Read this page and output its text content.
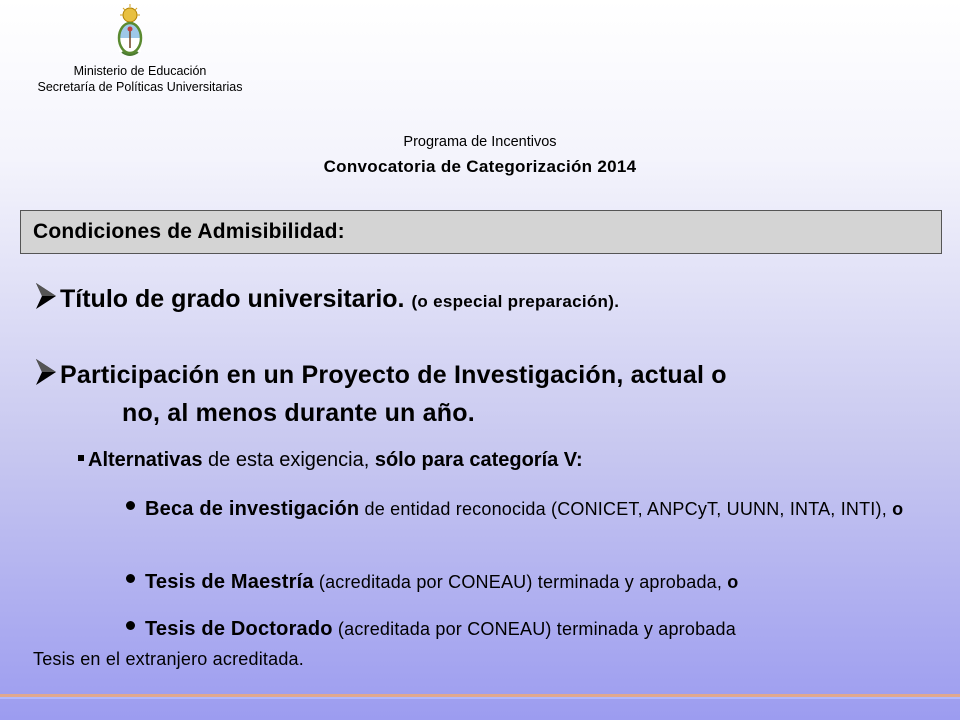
Ministerio de Educación
Secretaría de Políticas Universitarias
Programa de Incentivos
Convocatoria de Categorización 2014
Condiciones de Admisibilidad:
Título de grado universitario. (o especial preparación).
Participación en un Proyecto de Investigación, actual o
no, al menos durante un año.
Alternativas de esta exigencia, sólo para categoría V:
Beca de investigación de entidad reconocida (CONICET, ANPCyT, UUNN, INTA, INTI), o
Tesis de Maestría (acreditada por CONEAU) terminada y aprobada, o
Tesis de Doctorado (acreditada por CONEAU) terminada y aprobada
Tesis en el extranjero acreditada.
